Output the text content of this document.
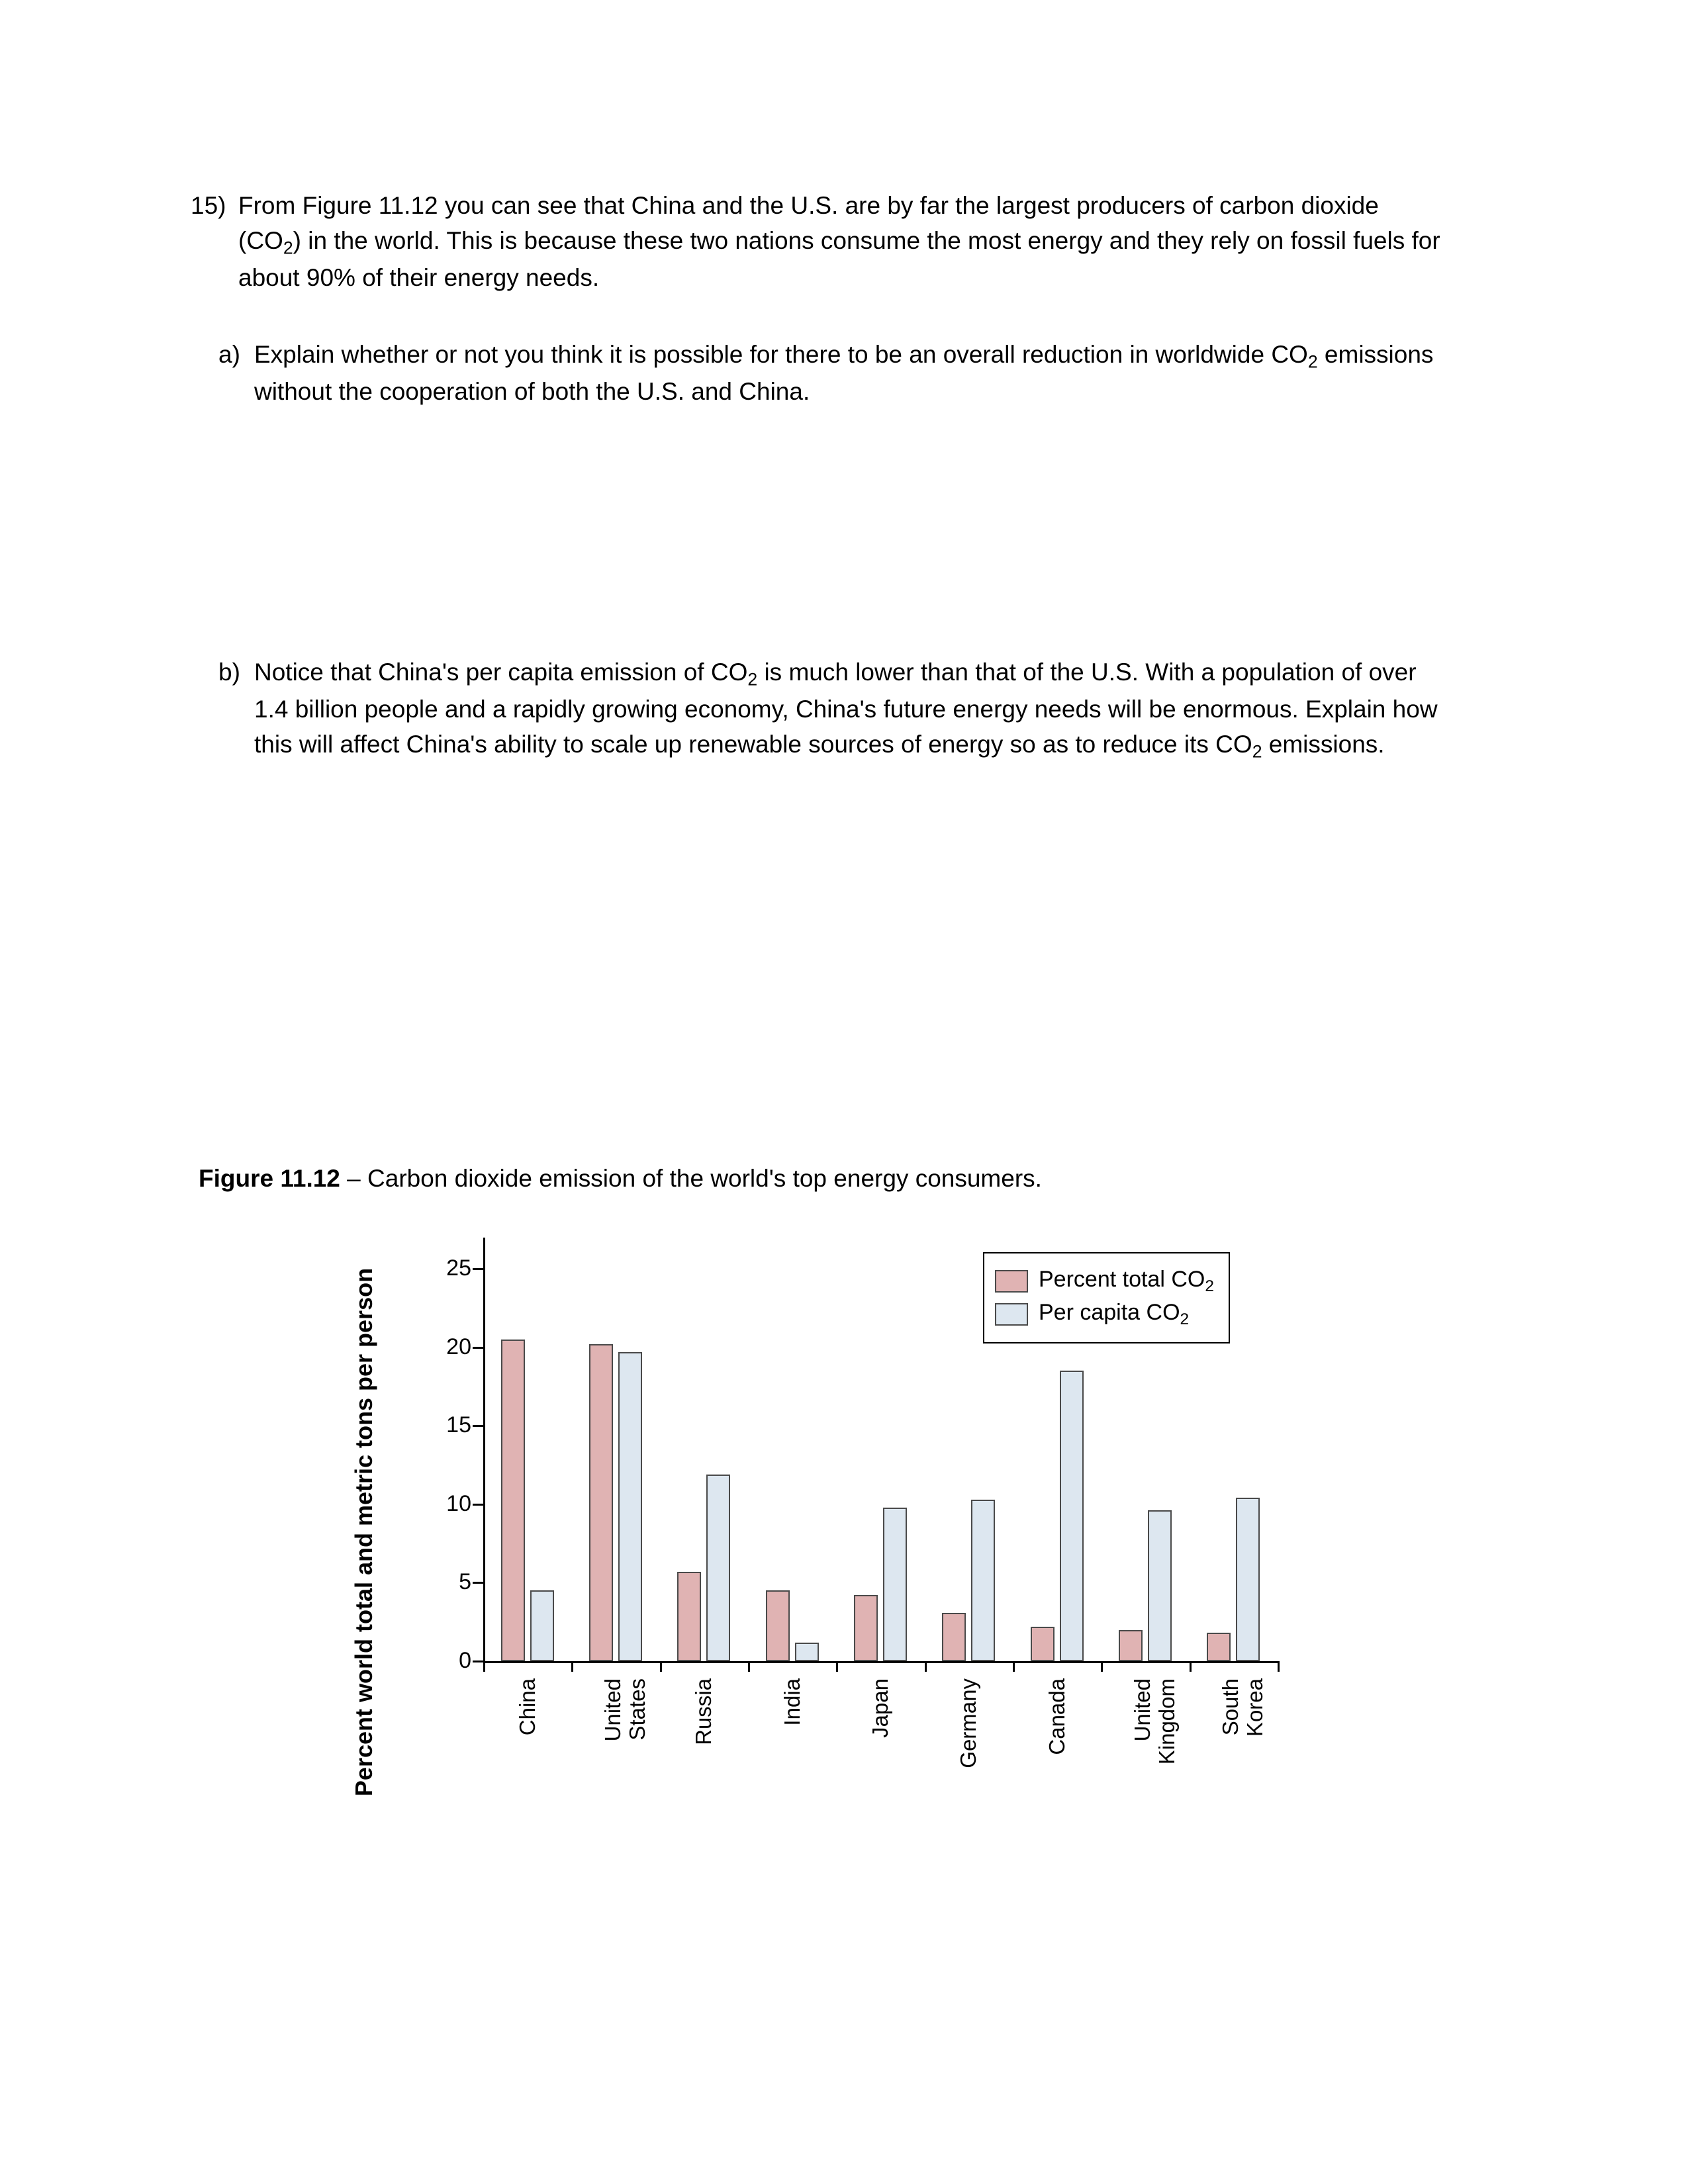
15) From Figure 11.12 you can see that China and the U.S. are by far the largest producers of carbon dioxide $(CO_2)$ in the world. This is because these two nations consume the most energy and they rely on fossil fuels for about 90% of their energy needs.
a) Explain whether or not you think it is possible for there to be an overall reduction in worldwide $CO_2$ emissions without the cooperation of both the U.S. and China.
b) Notice that China's per capita emission of $CO_2$ is much lower than that of the U.S. With a population of over 1.4 billion people and a rapidly growing economy, China's future energy needs will be enormous. Explain how this will affect China's ability to scale up renewable sources of energy so as to reduce its $CO_2$ emissions.
Figure 11.12 – Carbon dioxide emission of the world's top energy consumers.
Percent world total and metric tons per person	0
5
10
15
20
25
China	United States Russia	India	Japan	Germany	Canada	United Kingdom South Korea
Percent total $CO_2$
Per capita $CO_2$
